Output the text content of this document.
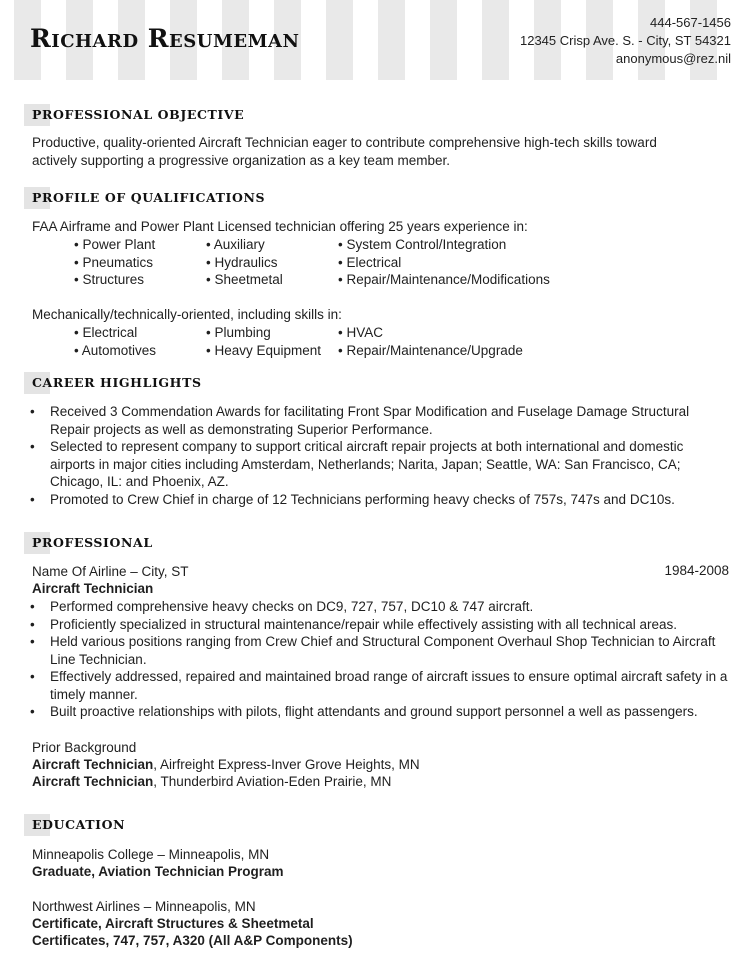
Richard Resumeman
444-567-1456
12345 Crisp Ave. S. - City, ST 54321
anonymous@rez.nil
PROFESSIONAL OBJECTIVE
Productive, quality-oriented Aircraft Technician eager to contribute comprehensive high-tech skills toward
actively supporting a progressive organization as a key team member.
PROFILE OF QUALIFICATIONS
FAA Airframe and Power Plant Licensed technician offering 25 years experience in:
• Power Plant	• Auxiliary	• System Control/Integration
• Pneumatics	• Hydraulics	• Electrical
• Structures	• Sheetmetal	• Repair/Maintenance/Modifications
Mechanically/technically-oriented, including skills in:
• Electrical	• Plumbing	• HVAC
• Automotives	• Heavy Equipment • Repair/Maintenance/Upgrade
CAREER HIGHLIGHTS
• Received 3 Commendation Awards for facilitating Front Spar Modification and Fuselage Damage Structural Repair projects as well as demonstrating Superior Performance.
• Selected to represent company to support critical aircraft repair projects at both international and domestic airports in major cities including Amsterdam, Netherlands; Narita, Japan; Seattle, WA: San Francisco, CA; Chicago, IL: and Phoenix, AZ.
• Promoted to Crew Chief in charge of 12 Technicians performing heavy checks of 757s, 747s and DC10s.
PROFESSIONAL
Name Of Airline – City, ST	1984-2008
Aircraft Technician
• Performed comprehensive heavy checks on DC9, 727, 757, DC10 & 747 aircraft.
• Proficiently specialized in structural maintenance/repair while effectively assisting with all technical areas.
• Held various positions ranging from Crew Chief and Structural Component Overhaul Shop Technician to Aircraft Line Technician.
• Effectively addressed, repaired and maintained broad range of aircraft issues to ensure optimal aircraft safety in a timely manner.
• Built proactive relationships with pilots, flight attendants and ground support personnel a well as passengers.
Prior Background
Aircraft Technician, Airfreight Express-Inver Grove Heights, MN
Aircraft Technician, Thunderbird Aviation-Eden Prairie, MN
EDUCATION
Minneapolis College – Minneapolis, MN
Graduate, Aviation Technician Program
Northwest Airlines – Minneapolis, MN
Certificate, Aircraft Structures & Sheetmetal
Certificates, 747, 757, A320 (All A&P Components)
